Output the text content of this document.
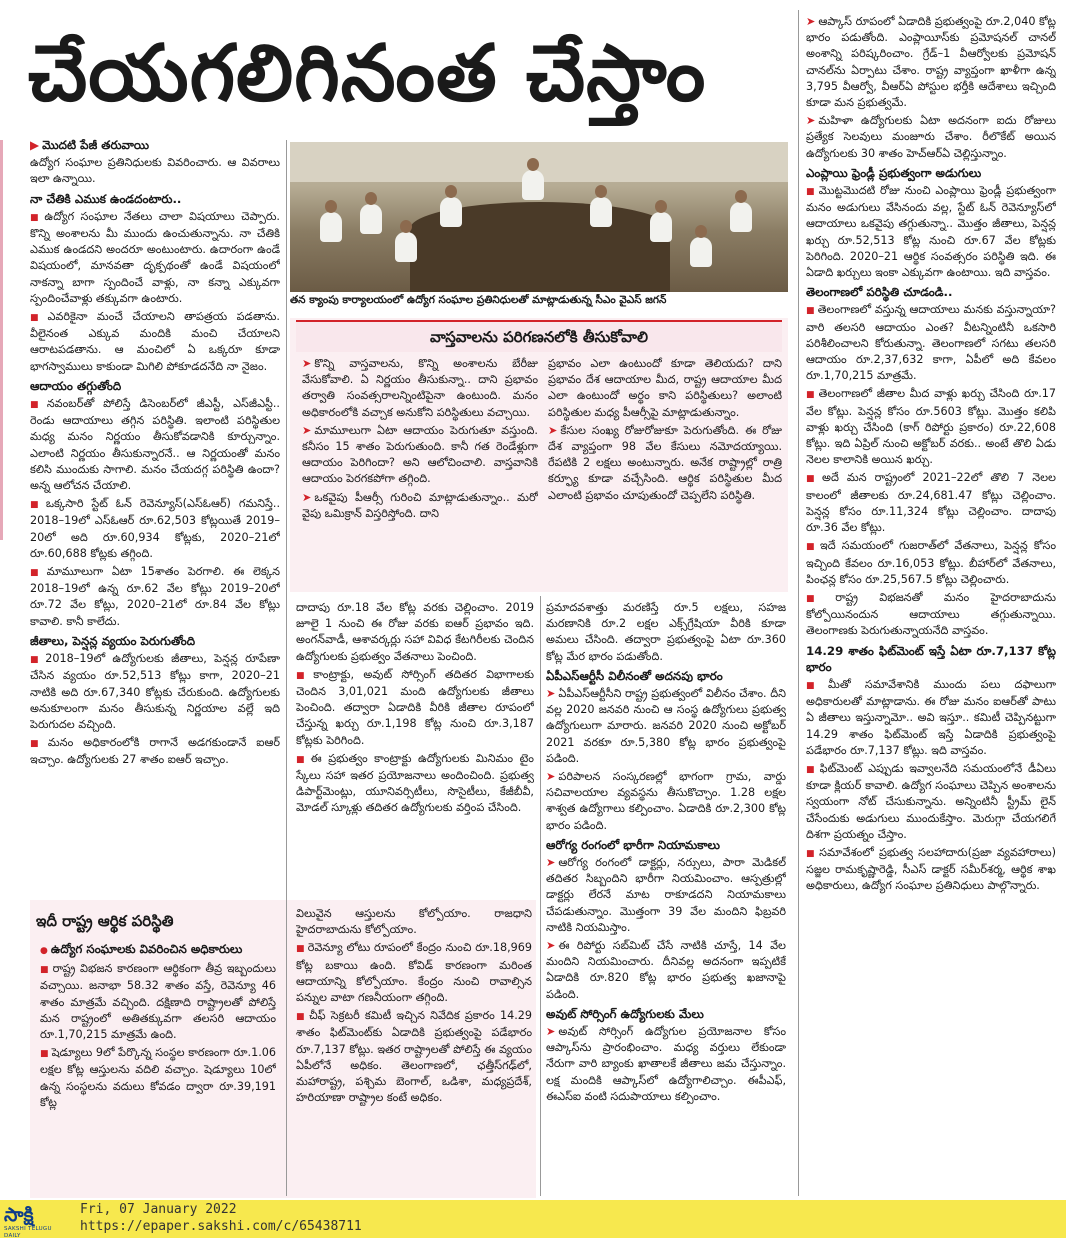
చేయగలిగినంత చేస్తాం

▶ మొదటి పేజీ తరువాయి

ఉద్యోగ సంఘాల ప్రతినిధులకు వివరించారు. ఆ వివరాలు ఇలా ఉన్నాయి.

నా చేతికి ఎముక ఉండదంటారు..

■ ఉద్యోగ సంఘాల నేతలు చాలా విషయాలు చెప్పారు. కొన్ని అంశాలను మీ ముందు ఉంచుతున్నాను. నా చేతికి ఎముక ఉండదని అందరూ అంటుంటారు. ఉదారంగా ఉండే విషయంలో, మానవతా దృక్పథంతో ఉండే విషయంలో నాకన్నా బాగా స్పందించే వాళ్లు, నా కన్నా ఎక్కువగా స్పందించేవాళ్లు తక్కువగా ఉంటారు.

■ ఎవరికైనా మంచే చేయాలని తాపత్రయ పడతాను. వీలైనంత ఎక్కువ మందికి మంచి చేయాలని ఆరాటపడతాను. ఆ మంచిలో ఏ ఒక్కరూ కూడా భాగస్వాములు కాకుండా మిగిలి పోకూడదనేది నా నైజం.

ఆదాయం తగ్గుతోంది

■ నవంబర్‌తో పోలిస్తే డిసెంబర్‌లో జీఎస్టీ, ఎస్‌జీఎస్టీ.. రెండు ఆదాయాలు తగ్గిన పరిస్థితి. ఇలాంటి పరిస్థితుల మధ్య మనం నిర్ణయం తీసుకోవడానికి కూర్చున్నాం. ఎలాంటి నిర్ణయం తీసుకున్నారనే.. ఆ నిర్ణయంతో మనం కలిసి ముందుకు సాగాలి. మనం చేయదగ్గ పరిస్థితి ఉందా? అన్న ఆలోచన చేయాలి.

■ ఒక్కసారి స్టేట్‌ ఓన్‌ రెవెన్యూస్‌(ఎస్‌ఓఆర్‌) గమనిస్తే.. 2018–19లో ఎస్‌ఓఆర్‌ రూ.62,503 కోట్లయితే 2019–20లో అది రూ.60,934 కోట్లకు, 2020–21లో రూ.60,688 కోట్లకు తగ్గింది.

■ మామూలుగా ఏటా 15శాతం పెరగాలి. ఈ లెక్కన 2018–19లో ఉన్న రూ.62 వేల కోట్లు 2019–20లో రూ.72 వేల కోట్లు, 2020–21లో రూ.84 వేల కోట్లు కావాలి. కానీ కాలేదు.

జీతాలు, పెన్షన్ల వ్యయం పెరుగుతోంది

■ 2018–19లో ఉద్యోగులకు జీతాలు, పెన్షన్ల రూపేణా చేసిన వ్యయం రూ.52,513 కోట్లు కాగా, 2020–21 నాటికి అది రూ.67,340 కోట్లకు చేరుకుంది. ఉద్యోగులకు అనుకూలంగా మనం తీసుకున్న నిర్ణయాల వల్లే ఇది పెరుగుదల వచ్చింది.

■ మనం అధికారంలోకి రాగానే అడగకుండానే ఐఆర్‌ ఇచ్చాం. ఉద్యోగులకు 27 శాతం ఐఆర్‌ ఇచ్చాం.

తన క్యాంపు కార్యాలయంలో ఉద్యోగ సంఘాల ప్రతినిధులతో మాట్లాడుతున్న సీఎం వైఎస్‌ జగన్‌
వాస్తవాలను పరిగణనలోకి తీసుకోవాలి

➤ కొన్ని వాస్తవాలను, కొన్ని అంశాలను బేరీజు వేసుకోవాలి. ఏ నిర్ణయం తీసుకున్నా.. దాని ప్రభావం తర్వాతి సంవత్సరాలన్నింటిపైనా ఉంటుంది. మనం అధికారంలోకి వచ్చాక అనుకోని పరిస్థితులు వచ్చాయి.

➤ మామూలుగా ఏటా ఆదాయం పెరుగుతూ వస్తుంది. కనీసం 15 శాతం పెరుగుతుంది. కానీ గత రెండేళ్లుగా ఆదాయం పెరిగిందా? అని ఆలోచించాలి. వాస్తవానికి ఆదాయం పెరగకపోగా తగ్గింది.

➤ ఒకవైపు పీఆర్సీ గురించి మాట్లాడుతున్నాం.. మరో వైపు ఒమిక్రాన్‌ విస్తరిస్తోంది. దాని

ప్రభావం ఎలా ఉంటుందో కూడా తెలియదు? దాని ప్రభావం దేశ ఆదాయాల మీద, రాష్ట్ర ఆదాయాల మీద ఎలా ఉంటుందో అర్థం కాని పరిస్థితులు? అలాంటి పరిస్థితుల మధ్య పీఆర్సీపై మాట్లాడుతున్నాం.

➤ కేసుల సంఖ్య రోజురోజుకూ పెరుగుతోంది. ఈ రోజు దేశ వ్యాప్తంగా 98 వేల కేసులు నమోదయ్యాయి. రేపటికి 2 లక్షలు అంటున్నారు. అనేక రాష్ట్రాల్లో రాత్రి కర్ఫ్యూ కూడా వచ్చేసింది. ఆర్థిక పరిస్థితుల మీద ఎలాంటి ప్రభావం చూపుతుందో చెప్పలేని పరిస్థితి.

దాదాపు రూ.18 వేల కోట్ల వరకు చెల్లించాం. 2019 జూలై 1 నుంచి ఈ రోజు వరకు ఐఆర్‌ ప్రభావం ఇది. అంగన్‌వాడీ, ఆశావర్కర్లు సహా వివిధ కేటగిరీలకు చెందిన ఉద్యోగులకు ప్రభుత్వం వేతనాలు పెంచింది.

■ కాంట్రాక్టు, అవుట్‌ సోర్సింగ్‌ తదితర విభాగాలకు చెందిన 3,01,021 మంది ఉద్యోగులకు జీతాలు పెంచింది. తద్వారా ఏడాదికి వీరికి జీతాల రూపంలో చేస్తున్న ఖర్చు రూ.1,198 కోట్ల నుంచి రూ.3,187 కోట్లకు పెరిగింది.

■ ఈ ప్రభుత్వం కాంట్రాక్టు ఉద్యోగులకు మినిమం టైం స్కేలు సహా ఇతర ప్రయోజనాలు అందించింది. ప్రభుత్వ డిపార్ట్‌మెంట్లు, యూనివర్సిటీలు, సొసైటీలు, కేజీబీవీ, మోడల్‌ స్కూళ్లు తదితర ఉద్యోగులకు వర్తింప చేసింది.

ప్రమాదవశాత్తు మరణిస్తే రూ.5 లక్షలు, సహజ మరణానికి రూ.2 లక్షల ఎక్స్‌గ్రేషియా వీరికి కూడా అమలు చేసింది. తద్వారా ప్రభుత్వంపై ఏటా రూ.360 కోట్ల మేర భారం పడుతోంది.

ఏపీఎస్‌ఆర్టీసీ విలీనంతో అదనపు భారం

➤ ఏపీఎస్‌ఆర్టీసీని రాష్ట్ర ప్రభుత్వంలో విలీనం చేశాం. దీని వల్ల 2020 జనవరి నుంచి ఆ సంస్థ ఉద్యోగులు ప్రభుత్వ ఉద్యోగులుగా మారారు. జనవరి 2020 నుంచి అక్టోబర్‌ 2021 వరకూ రూ.5,380 కోట్ల భారం ప్రభుత్వంపై పడింది.

➤ పరిపాలన సంస్కరణల్లో భాగంగా గ్రామ, వార్డు సచివాలయాల వ్యవస్థను తీసుకొచ్చాం. 1.28 లక్షల శాశ్వత ఉద్యోగాలు కల్పించాం. ఏడాదికి రూ.2,300 కోట్ల భారం పడింది.

ఆరోగ్య రంగంలో భారీగా నియామకాలు

➤ ఆరోగ్య రంగంలో డాక్టర్లు, నర్సులు, పారా మెడికల్‌ తదితర సిబ్బందిని భారీగా నియమించాం. ఆస్పత్రుల్లో డాక్టర్లు లేరనే మాట రాకూడదని నియామకాలు చేపడుతున్నాం. మొత్తంగా 39 వేల మందిని ఫిబ్రవరి నాటికి నియమిస్తాం.

➤ ఈ రిపోర్టు సబ్‌మిట్‌ చేసే నాటికి చూస్తే, 14 వేల మందిని నియమించారు. దీనివల్ల అదనంగా ఇప్పటికే ఏడాదికి రూ.820 కోట్ల భారం ప్రభుత్వ ఖజానాపై పడింది.

అవుట్‌ సోర్సింగ్‌ ఉద్యోగులకు మేలు

➤ అవుట్‌ సోర్సింగ్‌ ఉద్యోగుల ప్రయోజనాల కోసం ఆప్కాస్‌ను ప్రారంభించాం. మధ్య వర్తులు లేకుండా నేరుగా వారి బ్యాంకు ఖాతాలకే జీతాలు జమ చేస్తున్నాం. లక్ష మందికి ఆప్కాస్‌లో ఉద్యోగాలిచ్చాం. ఈపీఎఫ్, ఈఎస్‌ఐ వంటి సదుపాయాలు కల్పించాం.

ఇదీ రాష్ట్ర ఆర్థిక పరిస్థితి

● ఉద్యోగ సంఘాలకు వివరించిన అధికారులు

■ రాష్ట్ర విభజన కారణంగా ఆర్థికంగా తీవ్ర ఇబ్బందులు వచ్చాయి. జనాభా 58.32 శాతం వస్తే, రెవెన్యూ 46 శాతం మాత్రమే వచ్చింది. దక్షిణాది రాష్ట్రాలతో పోలిస్తే మన రాష్ట్రంలో అతితక్కువగా తలసరి ఆదాయం రూ.1,70,215 మాత్రమే ఉంది.

■ షెడ్యూలు 9లో పేర్కొన్న సంస్థల కారణంగా రూ.1.06 లక్షల కోట్ల ఆస్తులను వదిలి వచ్చాం. షెడ్యూలు 10లో ఉన్న సంస్థలను వదులు కోవడం ద్వారా రూ.39,191 కోట్ల

విలువైన ఆస్తులను కోల్పోయాం. రాజధాని హైదరాబాదును కోల్పోయాం.

■ రెవెన్యూ లోటు రూపంలో కేంద్రం నుంచి రూ.18,969 కోట్ల బకాయి ఉంది. కోవిడ్‌ కారణంగా మరింత ఆదాయాన్ని కోల్పోయాం. కేంద్రం నుంచి రావాల్సిన పన్నుల వాటా గణనీయంగా తగ్గింది.

■ చీఫ్‌ సెక్రటరీ కమిటీ ఇచ్చిన నివేదిక ప్రకారం 14.29 శాతం ఫిట్‌మెంట్‌కు ఏడాదికి ప్రభుత్వంపై పడేభారం రూ.7,137 కోట్లు. ఇతర రాష్ట్రాలతో పోలిస్తే ఈ వ్యయం ఏపీలోనే అధికం. తెలంగాణలో, ఛత్తీస్‌గఢ్‌లో, మహారాష్ట్ర, పశ్చిమ బెంగాల్, ఒడిశా, మధ్యప్రదేశ్, హరియాణా రాష్ట్రాల కంటే అధికం.

➤ ఆప్కాస్‌ రూపంలో ఏడాదికి ప్రభుత్వంపై రూ.2,040 కోట్ల భారం పడుతోంది. ఎంప్లాయీస్‌కు ప్రమోషనల్‌ చానల్‌ అంశాన్ని పరిష్కరించాం. గ్రేడ్‌–1 వీఆర్వోలకు ప్రమోషన్‌ చానల్‌ను ఏర్పాటు చేశాం. రాష్ట్ర వ్యాప్తంగా ఖాళీగా ఉన్న 3,795 వీఆర్వో, వీఆర్‌ఏ పోస్టుల భర్తీకి ఆదేశాలు ఇచ్చింది కూడా మన ప్రభుత్వమే.

➤ మహిళా ఉద్యోగులకు ఏటా అదనంగా ఐదు రోజులు ప్రత్యేక సెలవులు మంజూరు చేశాం. రీలొకేట్‌ అయిన ఉద్యోగులకు 30 శాతం హెచ్‌ఆర్‌ఏ చెల్లిస్తున్నాం.

ఎంప్లాయి ఫ్రెండ్లీ ప్రభుత్వంగా అడుగులు

■ మొట్టమొదటి రోజు నుంచి ఎంప్లాయి ఫ్రెండ్లీ ప్రభుత్వంగా మనం అడుగులు వేసినందు వల్ల, స్టేట్‌ ఓన్‌ రెవెన్యూస్‌లో ఆదాయాలు ఒకవైపు తగ్గుతున్నా.. మొత్తం జీతాలు, పెన్షన్ల ఖర్చు రూ.52,513 కోట్ల నుంచి రూ.67 వేల కోట్లకు పెరిగింది. 2020–21 ఆర్థిక సంవత్సరం పరిస్థితి ఇది. ఈ ఏడాది ఖర్చులు ఇంకా ఎక్కువగా ఉంటాయి. ఇది వాస్తవం.

తెలంగాణలో పరిస్థితి చూడండి..

■ తెలంగాణలో వస్తున్న ఆదాయాలు మనకు వస్తున్నాయా? వారి తలసరి ఆదాయం ఎంత? వీటన్నింటినీ ఒకసారి పరిశీలించాలని కోరుతున్నా. తెలంగాణలో సగటు తలసరి ఆదాయం రూ.2,37,632 కాగా, ఏపీలో అది కేవలం రూ.1,70,215 మాత్రమే.

■ తెలంగాణలో జీతాల మీద వాళ్లు ఖర్చు చేసింది రూ.17 వేల కోట్లు. పెన్షన్ల కోసం రూ.5603 కోట్లు. మొత్తం కలిపి వాళ్లు ఖర్చు చేసింది (కాగ్‌ రిపోర్టు ప్రకారం) రూ.22,608 కోట్లు. ఇది ఏప్రిల్‌ నుంచి అక్టోబర్‌ వరకు.. అంటే తొలి ఏడు నెలల కాలానికి అయిన ఖర్చు.

■ అదే మన రాష్ట్రంలో 2021–22లో తొలి 7 నెలల కాలంలో జీతాలకు రూ.24,681.47 కోట్లు చెల్లించాం. పెన్షన్ల కోసం రూ.11,324 కోట్లు చెల్లించాం. దాదాపు రూ.36 వేల కోట్లు.

■ ఇదే సమయంలో గుజరాత్‌లో వేతనాలు, పెన్షన్ల కోసం ఇచ్చింది కేవలం రూ.16,053 కోట్లు. బీహార్‌లో వేతనాలు, పింఛన్ల కోసం రూ.25,567.5 కోట్లు చెల్లించారు.

■ రాష్ట్ర విభజనతో మనం హైదరాబాదును కోల్పోయినందున ఆదాయాలు తగ్గుతున్నాయి. తెలంగాణకు పెరుగుతున్నాయనేది వాస్తవం.

14.29 శాతం ఫిట్‌మెంట్‌ ఇస్తే ఏటా రూ.7,137 కోట్ల భారం

■ మీతో సమావేశానికి ముందు పలు దఫాలుగా అధికారులతో మాట్లాడాను. ఈ రోజు మనం ఐఆర్‌తో పాటు ఏ జీతాలు ఇస్తున్నామో.. అవి ఇస్తూ.. కమిటీ చెప్పినట్టుగా 14.29 శాతం ఫిట్‌మెంట్‌ ఇస్తే ఏడాదికి ప్రభుత్వంపై పడేభారం రూ.7,137 కోట్లు. ఇది వాస్తవం.

■ ఫిట్‌మెంట్‌ ఎప్పుడు ఇవ్వాలనేది సమయంలోనే డీఏలు కూడా క్లియర్‌ కావాలి. ఉద్యోగ సంఘాలు చెప్పిన అంశాలను స్వయంగా నోట్‌ చేసుకున్నాను. అన్నింటినీ స్ట్రీమ్‌ లైన్‌ చేసేందుకు అడుగులు ముందుకేస్తాం. మెరుగ్గా చేయగలిగే దిశగా ప్రయత్నం చేస్తాం.

■ సమావేశంలో ప్రభుత్వ సలహాదారు(ప్రజా వ్యవహారాలు) సజ్జల రామకృష్ణారెడ్డి, సీఎస్‌ డాక్టర్‌ సమీర్‌శర్మ, ఆర్థిక శాఖ అధికారులు, ఉద్యోగ సంఘాల ప్రతినిధులు పాల్గొన్నారు.

సాక్షి
SAKSHI TELUGU DAILY
Fri, 07 January 2022
https://epaper.sakshi.com/c/65438711
